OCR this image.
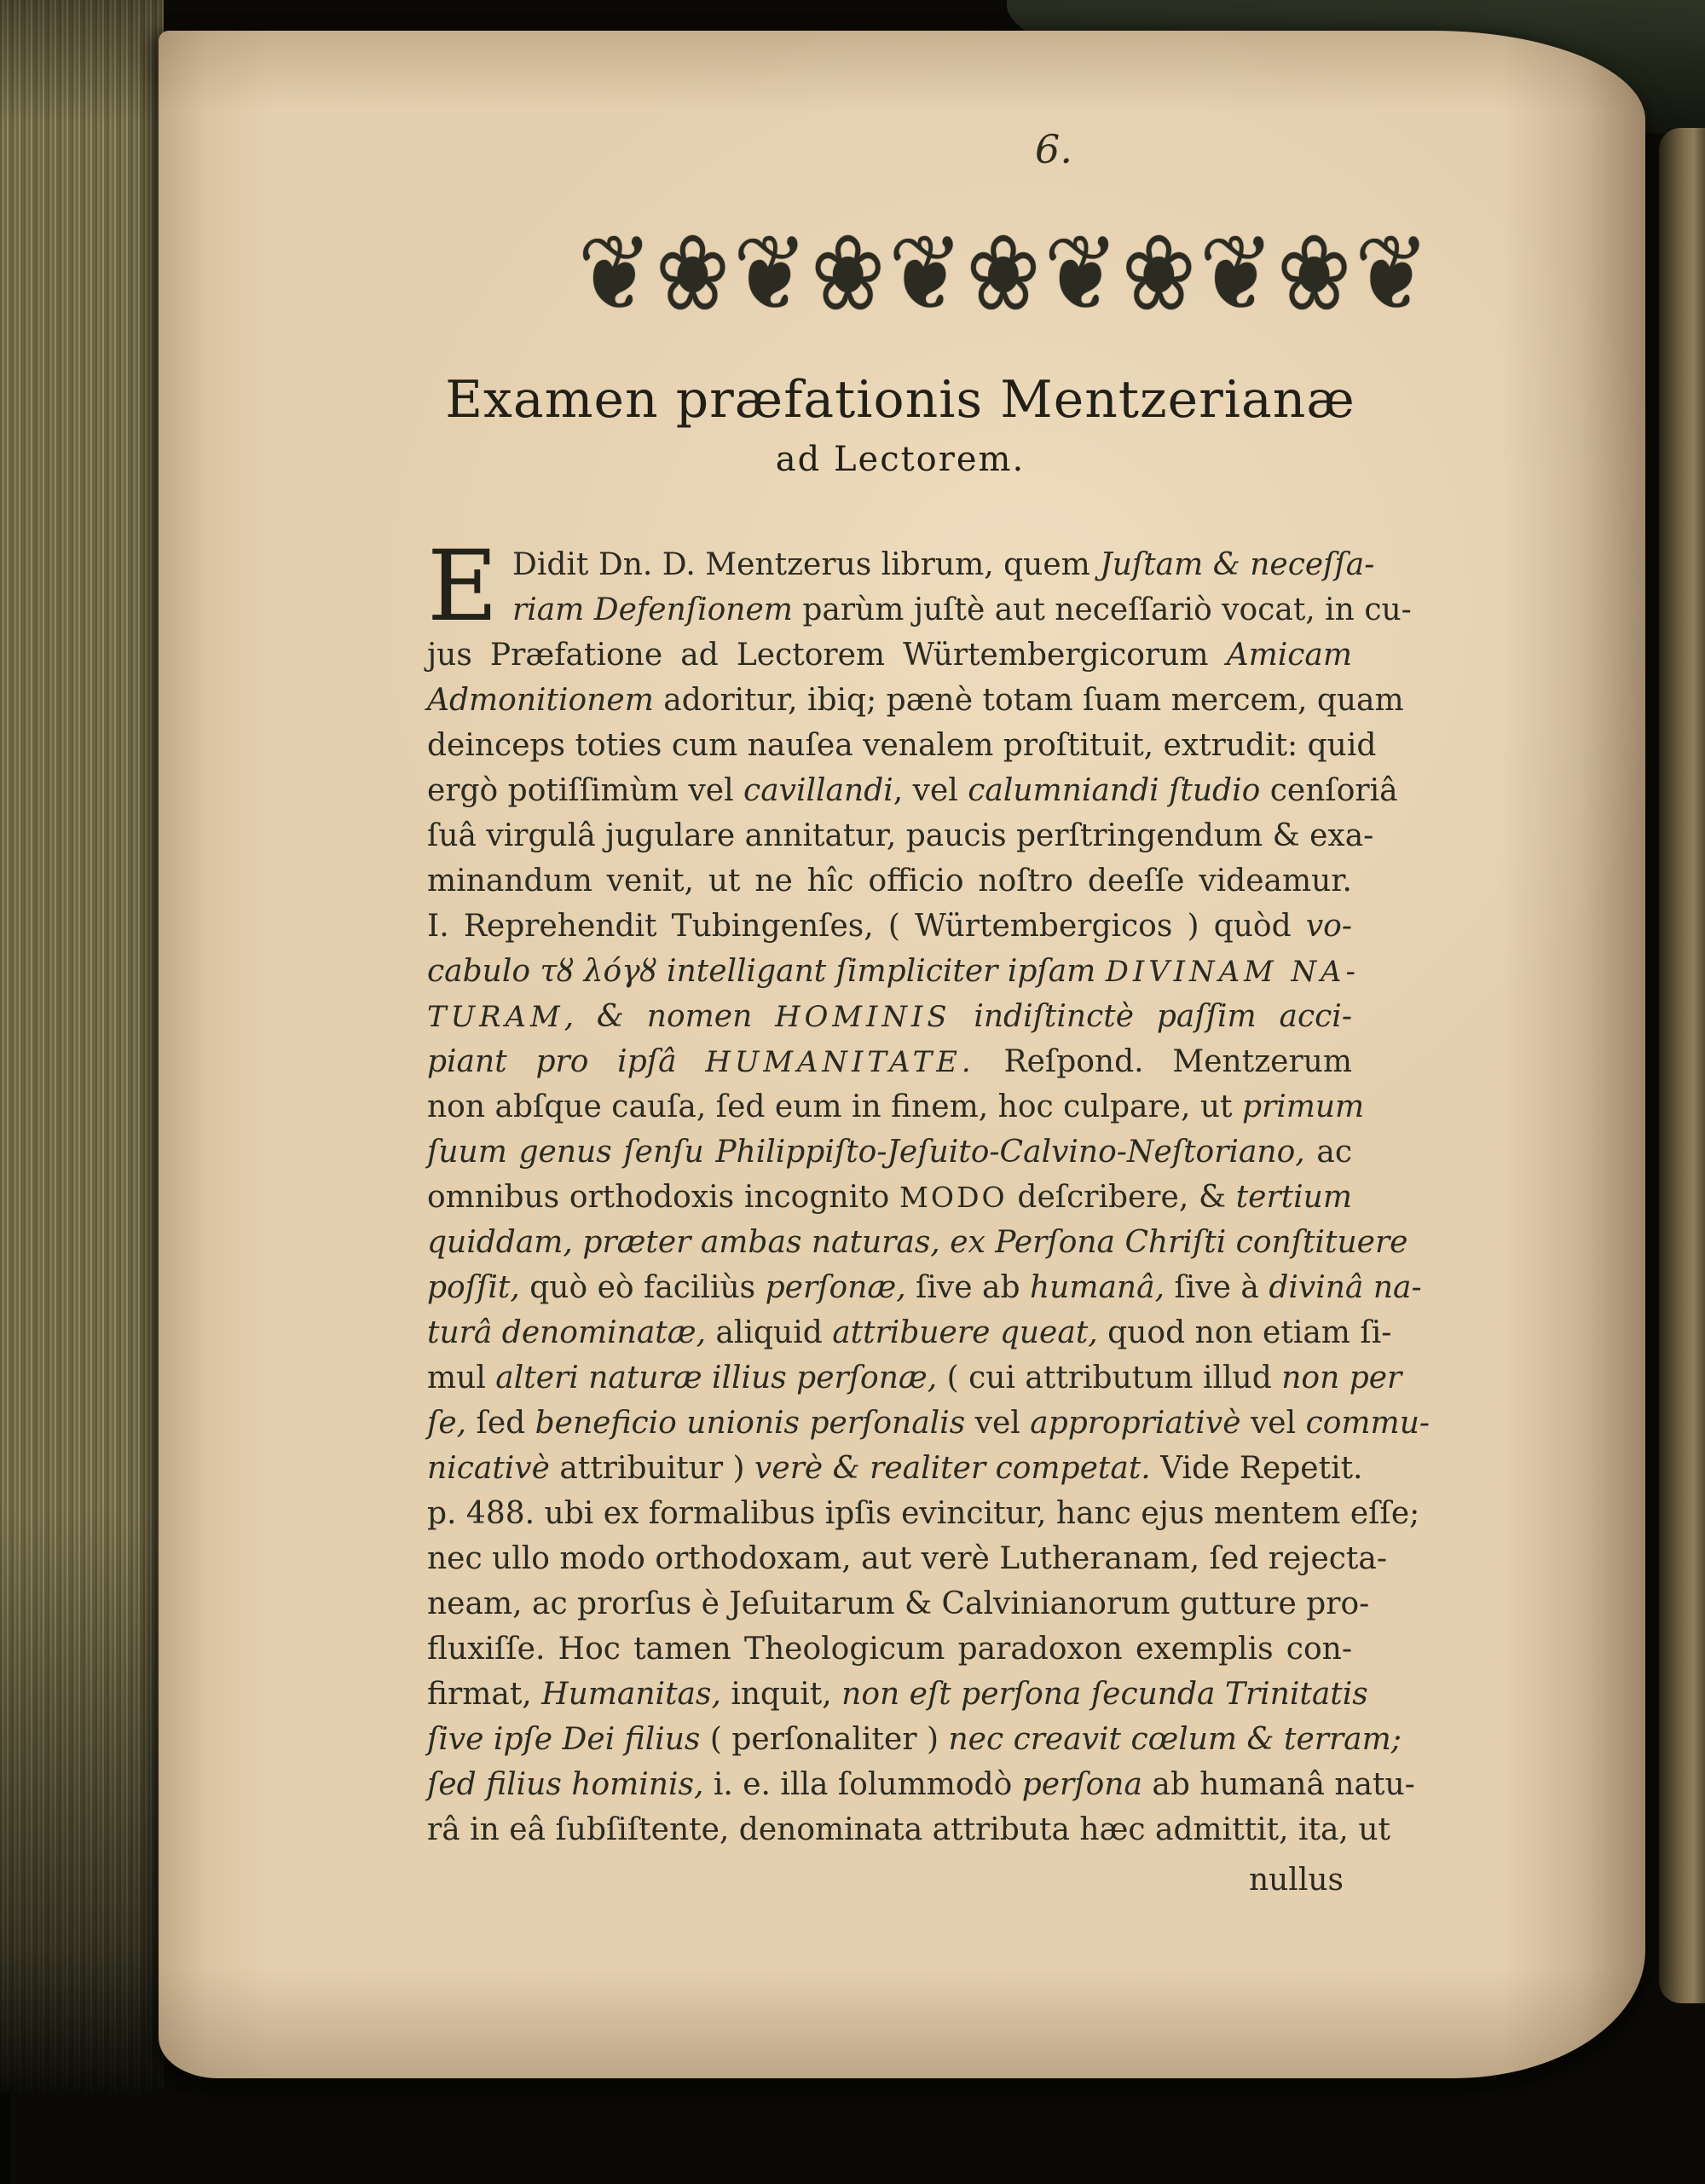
6.
❦❀❦❀❦❀❦❀❦❀❦
Examen præfationis Mentzerianæ
ad Lectorem.
E Didit Dn. D. Mentzerus librum, quem Juſtam & neceſſa-
riam Defenſionem parùm juſtè aut neceſſariò vocat, in cu-
jus Præfatione ad Lectorem Würtembergicorum Amicam
Admonitionem adoritur, ibiq; pænè totam ſuam mercem, quam
deinceps toties cum nauſea venalem proſtituit, extrudit: quid
ergò potiſſimùm vel cavillandi, vel calumniandi ſtudio cenſoriâ
ſuâ virgulâ jugulare annitatur, paucis perſtringendum & exa-
minandum venit, ut ne hîc officio noſtro deeſſe videamur.
I. Reprehendit Tubingenſes, ( Würtembergicos ) quòd vo-
cabulo τȣ λόγȣ intelligant ſimpliciter ipſam DIVINAM NA-
TURAM, & nomen HOMINIS indiſtinctè paſſim acci-
piant pro ipſâ HUMANITATE. Reſpond. Mentzerum
non abſque cauſa, ſed eum in finem, hoc culpare, ut primum
ſuum genus ſenſu Philippiſto-Jeſuito-Calvino-Neſtoriano, ac
omnibus orthodoxis incognito MODO deſcribere, & tertium
quiddam, præter ambas naturas, ex Perſona Chriſti conſtituere
poſſit, quò eò faciliùs perſonæ, ſive ab humanâ, ſive à divinâ na-
turâ denominatæ, aliquid attribuere queat, quod non etiam ſi-
mul alteri naturæ illius perſonæ, ( cui attributum illud non per
ſe, ſed beneficio unionis perſonalis vel appropriativè vel commu-
nicativè attribuitur ) verè & realiter competat. Vide Repetit.
p. 488. ubi ex formalibus ipſis evincitur, hanc ejus mentem eſſe;
nec ullo modo orthodoxam, aut verè Lutheranam, ſed rejecta-
neam, ac prorſus è Jeſuitarum & Calvinianorum gutture pro-
fluxiſſe. Hoc tamen Theologicum paradoxon exemplis con-
firmat, Humanitas, inquit, non eſt perſona ſecunda Trinitatis
ſive ipſe Dei filius ( perſonaliter ) nec creavit cœlum & terram;
ſed filius hominis, i. e. illa ſolummodò perſona ab humanâ natu-
râ in eâ ſubſiſtente, denominata attributa hæc admittit, ita, ut
nullus
